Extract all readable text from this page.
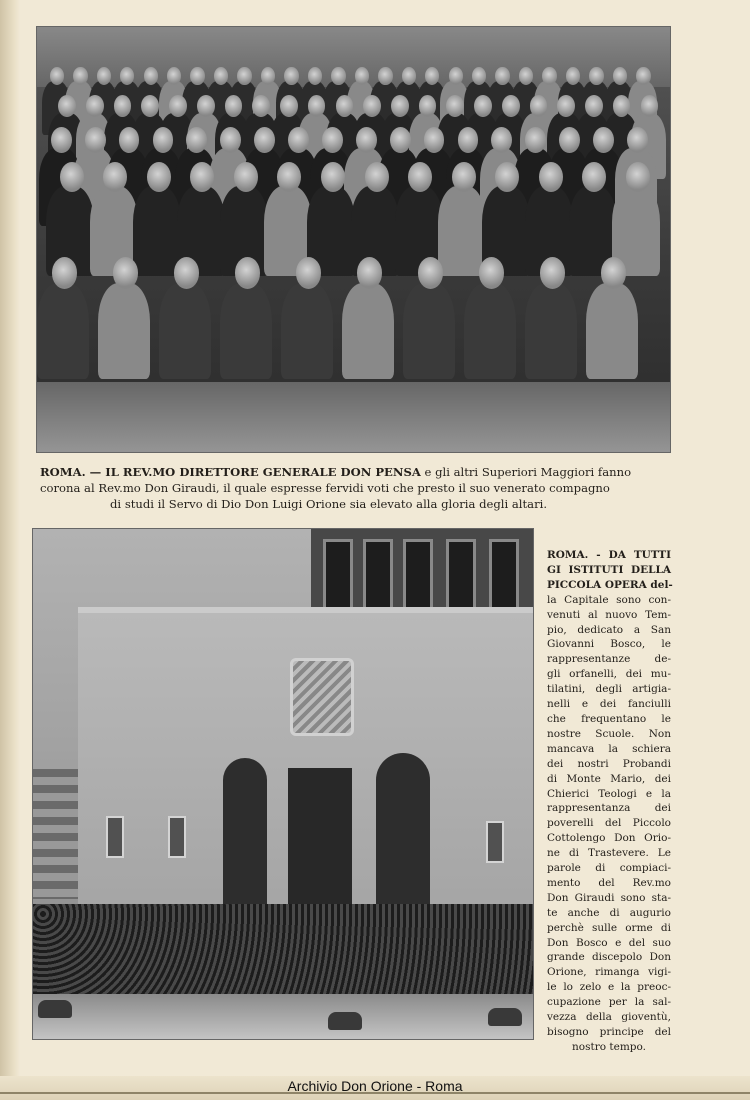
ROMA. — IL REV.MO DIRETTORE GENERALE DON PENSA e gli altri Superiori Maggiori fanno
corona al Rev.mo Don Giraudi, il quale espresse fervidi voti che presto il suo venerato compagno
di studi il Servo di Dio Don Luigi Orione sia elevato alla gloria degli altari.
ROMA. - DA TUTTI
GI ISTITUTI DELLA
PICCOLA OPERA del-
la Capitale sono con-
venuti al nuovo Tem-
pio, dedicato a San
Giovanni Bosco, le
rappresentanze de-
gli orfanelli, dei mu-
tilatini, degli artigia-
nelli e dei fanciulli
che frequentano le
nostre Scuole. Non
mancava la schiera
dei nostri Probandi
di Monte Mario, dei
Chierici Teologi e la
rappresentanza dei
poverelli del Piccolo
Cottolengo Don Orio-
ne di Trastevere. Le
parole di compiaci-
mento del Rev.mo
Don Giraudi sono sta-
te anche di augurio
perchè sulle orme di
Don Bosco e del suo
grande discepolo Don
Orione, rimanga vigi-
le lo zelo e la preoc-
cupazione per la sal-
vezza della gioventù,
bisogno principe del
nostro tempo.
Archivio Don Orione - Roma
